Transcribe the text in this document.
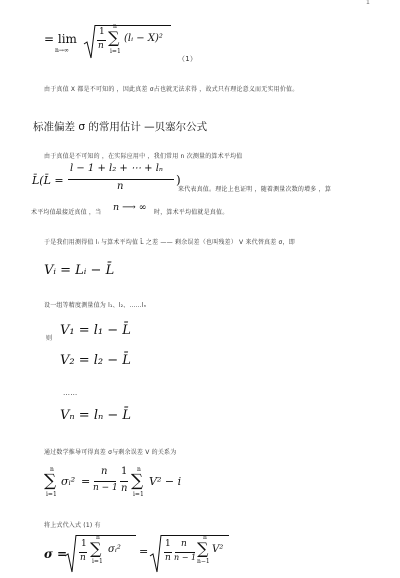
1
= lim
n→∞
1
n
n
∑
i=1
(lᵢ − X)²
（1）
由于真值 X 都是不可知的 ，因此真差 σ占也就无法求得 ，故式只有理论意义而无实用价值。
标准偏差 σ 的常用估计 —贝塞尔公式
由于真值是不可知的 ，在实际应用中 ，我们常用 n 次测量的算术平均值
L̄(L̄ =
l − 1 + l₂ + ⋯ + lₙ
n	)
来代表真值。理论上也证明 ，随着测量次数的增多 ，算
术平均值最接近真值 ，当 n ⟶ ∞ 时，算术平均值就是真值。
于是我们用测得值 lᵢ 与算术平均值 L̄ 之差 —— 剩余误差（也叫残差） V 来代替真差 σ，即
Vᵢ = Lᵢ − L̄
设一组等精度测量值为 l₁、l₂、……lₙ
则
V₁ = l₁ − L̄
V₂ = l₂ − L̄
……
Vₙ = lₙ − L̄
通过数学推导可得真差 σ与剩余误差 V 的关系为
n
∑
i=1
σᵢ² =
n
n − 1
1
n
n
∑
i=1
V² − i
将上式代入式 (1) 有
σ =
1
n
n
∑
i=1
σᵢ² =
1
n
n
n − 1
n
∑
n−1
V²
